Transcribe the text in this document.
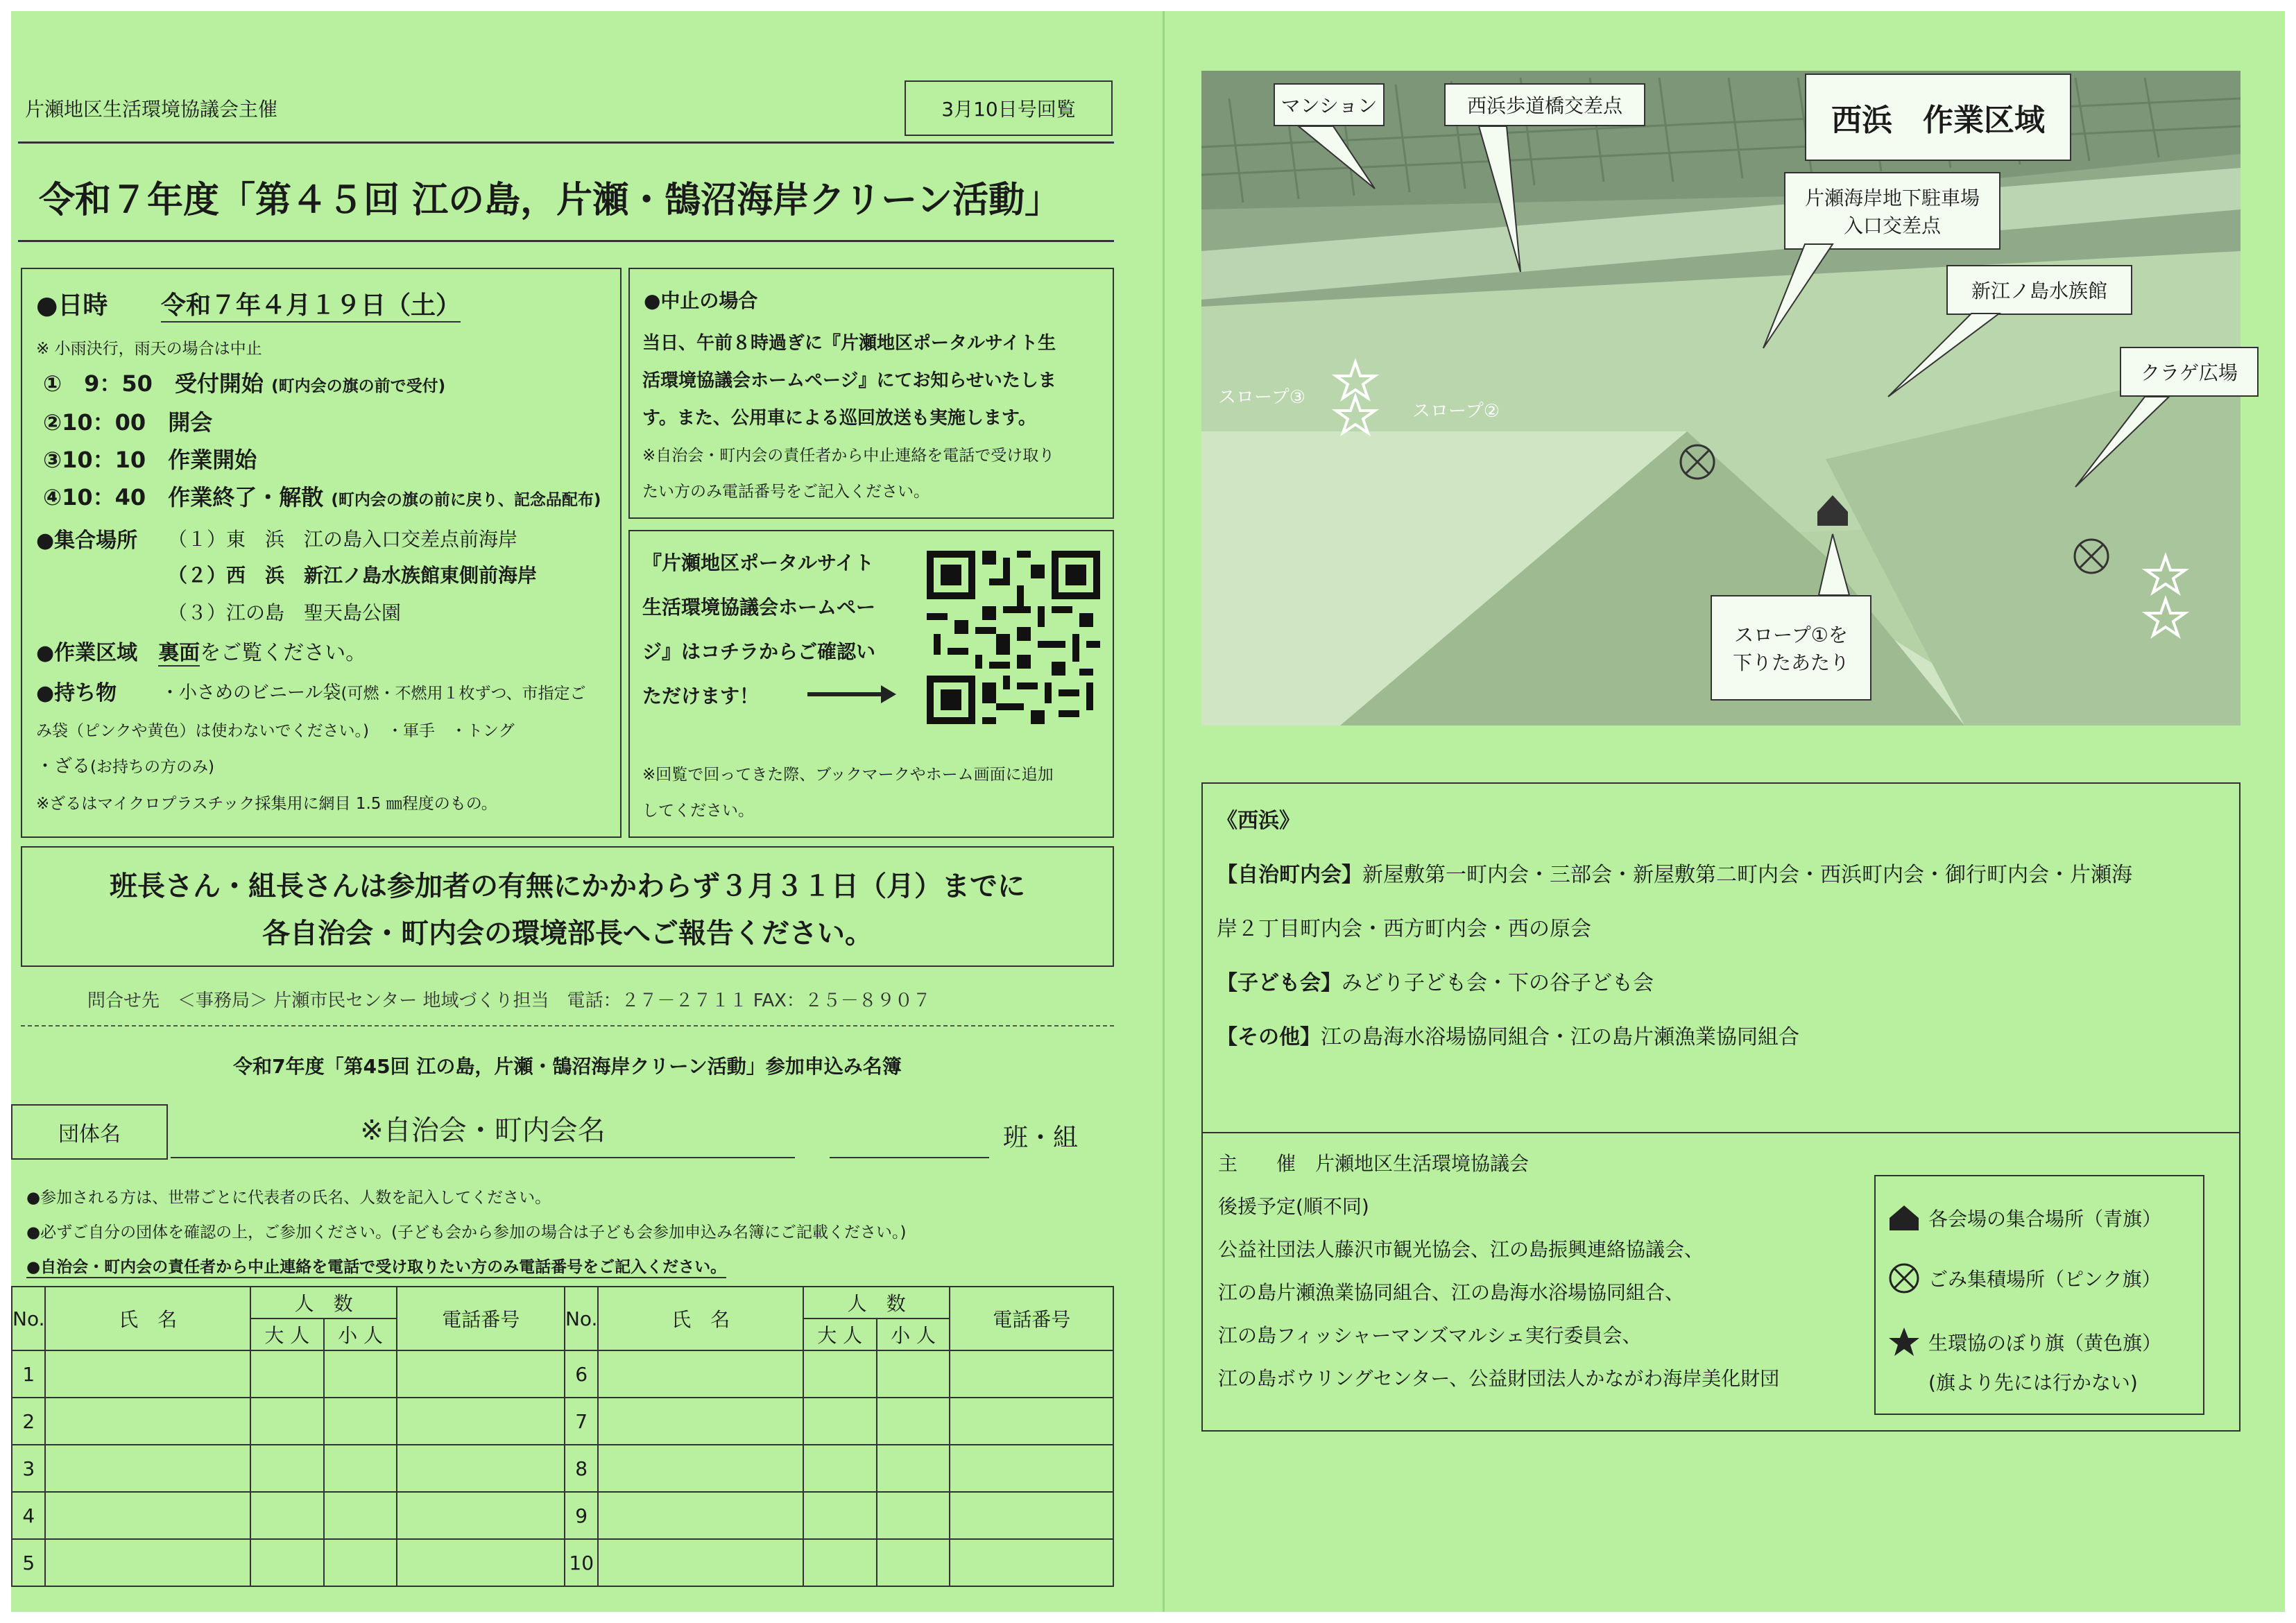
片瀬地区生活環境協議会主催	3月10日号回覧
令和７年度「第４５回 江の島，片瀬・鵠沼海岸クリーン活動」
●日時 令和７年４月１９日（土）
※ 小雨決行，雨天の場合は中止
①　9：50　 受付開始 (町内会の旗の前で受付)
②10：00　 開会
③10：10　 作業開始
④10：40　 作業終了・解散 (町内会の旗の前に戻り、記念品配布)
●集合場所 （１）東　浜　江の島入口交差点前海岸
（２）西　浜　新江ノ島水族館東側前海岸
（３）江の島　聖天島公園
●作業区域　 裏面をご覧ください。
●持ち物 ・小さめのビニール袋(可燃・不燃用１枚ずつ、市指定ご
み袋（ピンクや黄色）は使わないでください。)　 ・軍手　・トング
・ざる(お持ちの方のみ)
※ざるはマイクロプラスチック採集用に網目 1.5 ㎜程度のもの。
●中止の場合
当日、午前８時過ぎに『片瀬地区ポータルサイト生
活環境協議会ホームページ』にてお知らせいたしま
す。また、公用車による巡回放送も実施します。
※自治会・町内会の責任者から中止連絡を電話で受け取り
たい方のみ電話番号をご記入ください。
『片瀬地区ポータルサイト
生活環境協議会ホームペー
ジ』はコチラからご確認い
ただけます！
※回覧で回ってきた際、ブックマークやホーム画面に追加
してください。
班長さん・組長さんは参加者の有無にかかわらず３月３１日（月）までに
各自治会・町内会の環境部長へご報告ください。
問合せ先　＜事務局＞ 片瀬市民センター 地域づくり担当　電話：２７－２７１１ FAX：２５－８９０７
令和7年度「第45回 江の島，片瀬・鵠沼海岸クリーン活動」参加申込み名簿
団体名	※自治会・町内会名	班・組
●参加される方は、世帯ごとに代表者の氏名、人数を記入してください。
●必ずご自分の団体を確認の上，ご参加ください。(子ども会から参加の場合は子ども会参加申込み名簿にご記載ください。)
●自治会・町内会の責任者から中止連絡を電話で受け取りたい方のみ電話番号をご記入ください。
No.	氏　名	人　数		電話番号	No.	氏　名	人　数		電話番号
		大 人	小 人				大 人	小 人	
1					6				
2					7				
3					8				
4					9				
5					10				
西浜　作業区域
マンション	西浜歩道橋交差点
片瀬海岸地下駐車場
入口交差点
新江ノ島水族館
クラゲ広場
スロープ①を
下りたあたり
スロープ③
スロープ②
《西浜》
【自治町内会】新屋敷第一町内会・三部会・新屋敷第二町内会・西浜町内会・御行町内会・片瀬海
岸２丁目町内会・西方町内会・西の原会
【子ども会】みどり子ども会・下の谷子ども会
【その他】江の島海水浴場協同組合・江の島片瀬漁業協同組合
主　　催　 片瀬地区生活環境協議会
後援予定(順不同)
公益社団法人藤沢市観光協会、江の島振興連絡協議会、
江の島片瀬漁業協同組合、江の島海水浴場協同組合、
江の島フィッシャーマンズマルシェ実行委員会、
江の島ボウリングセンター、公益財団法人かながわ海岸美化財団
各会場の集合場所（青旗）
ごみ集積場所（ピンク旗）
生環協のぼり旗（黄色旗）
(旗より先には行かない)
